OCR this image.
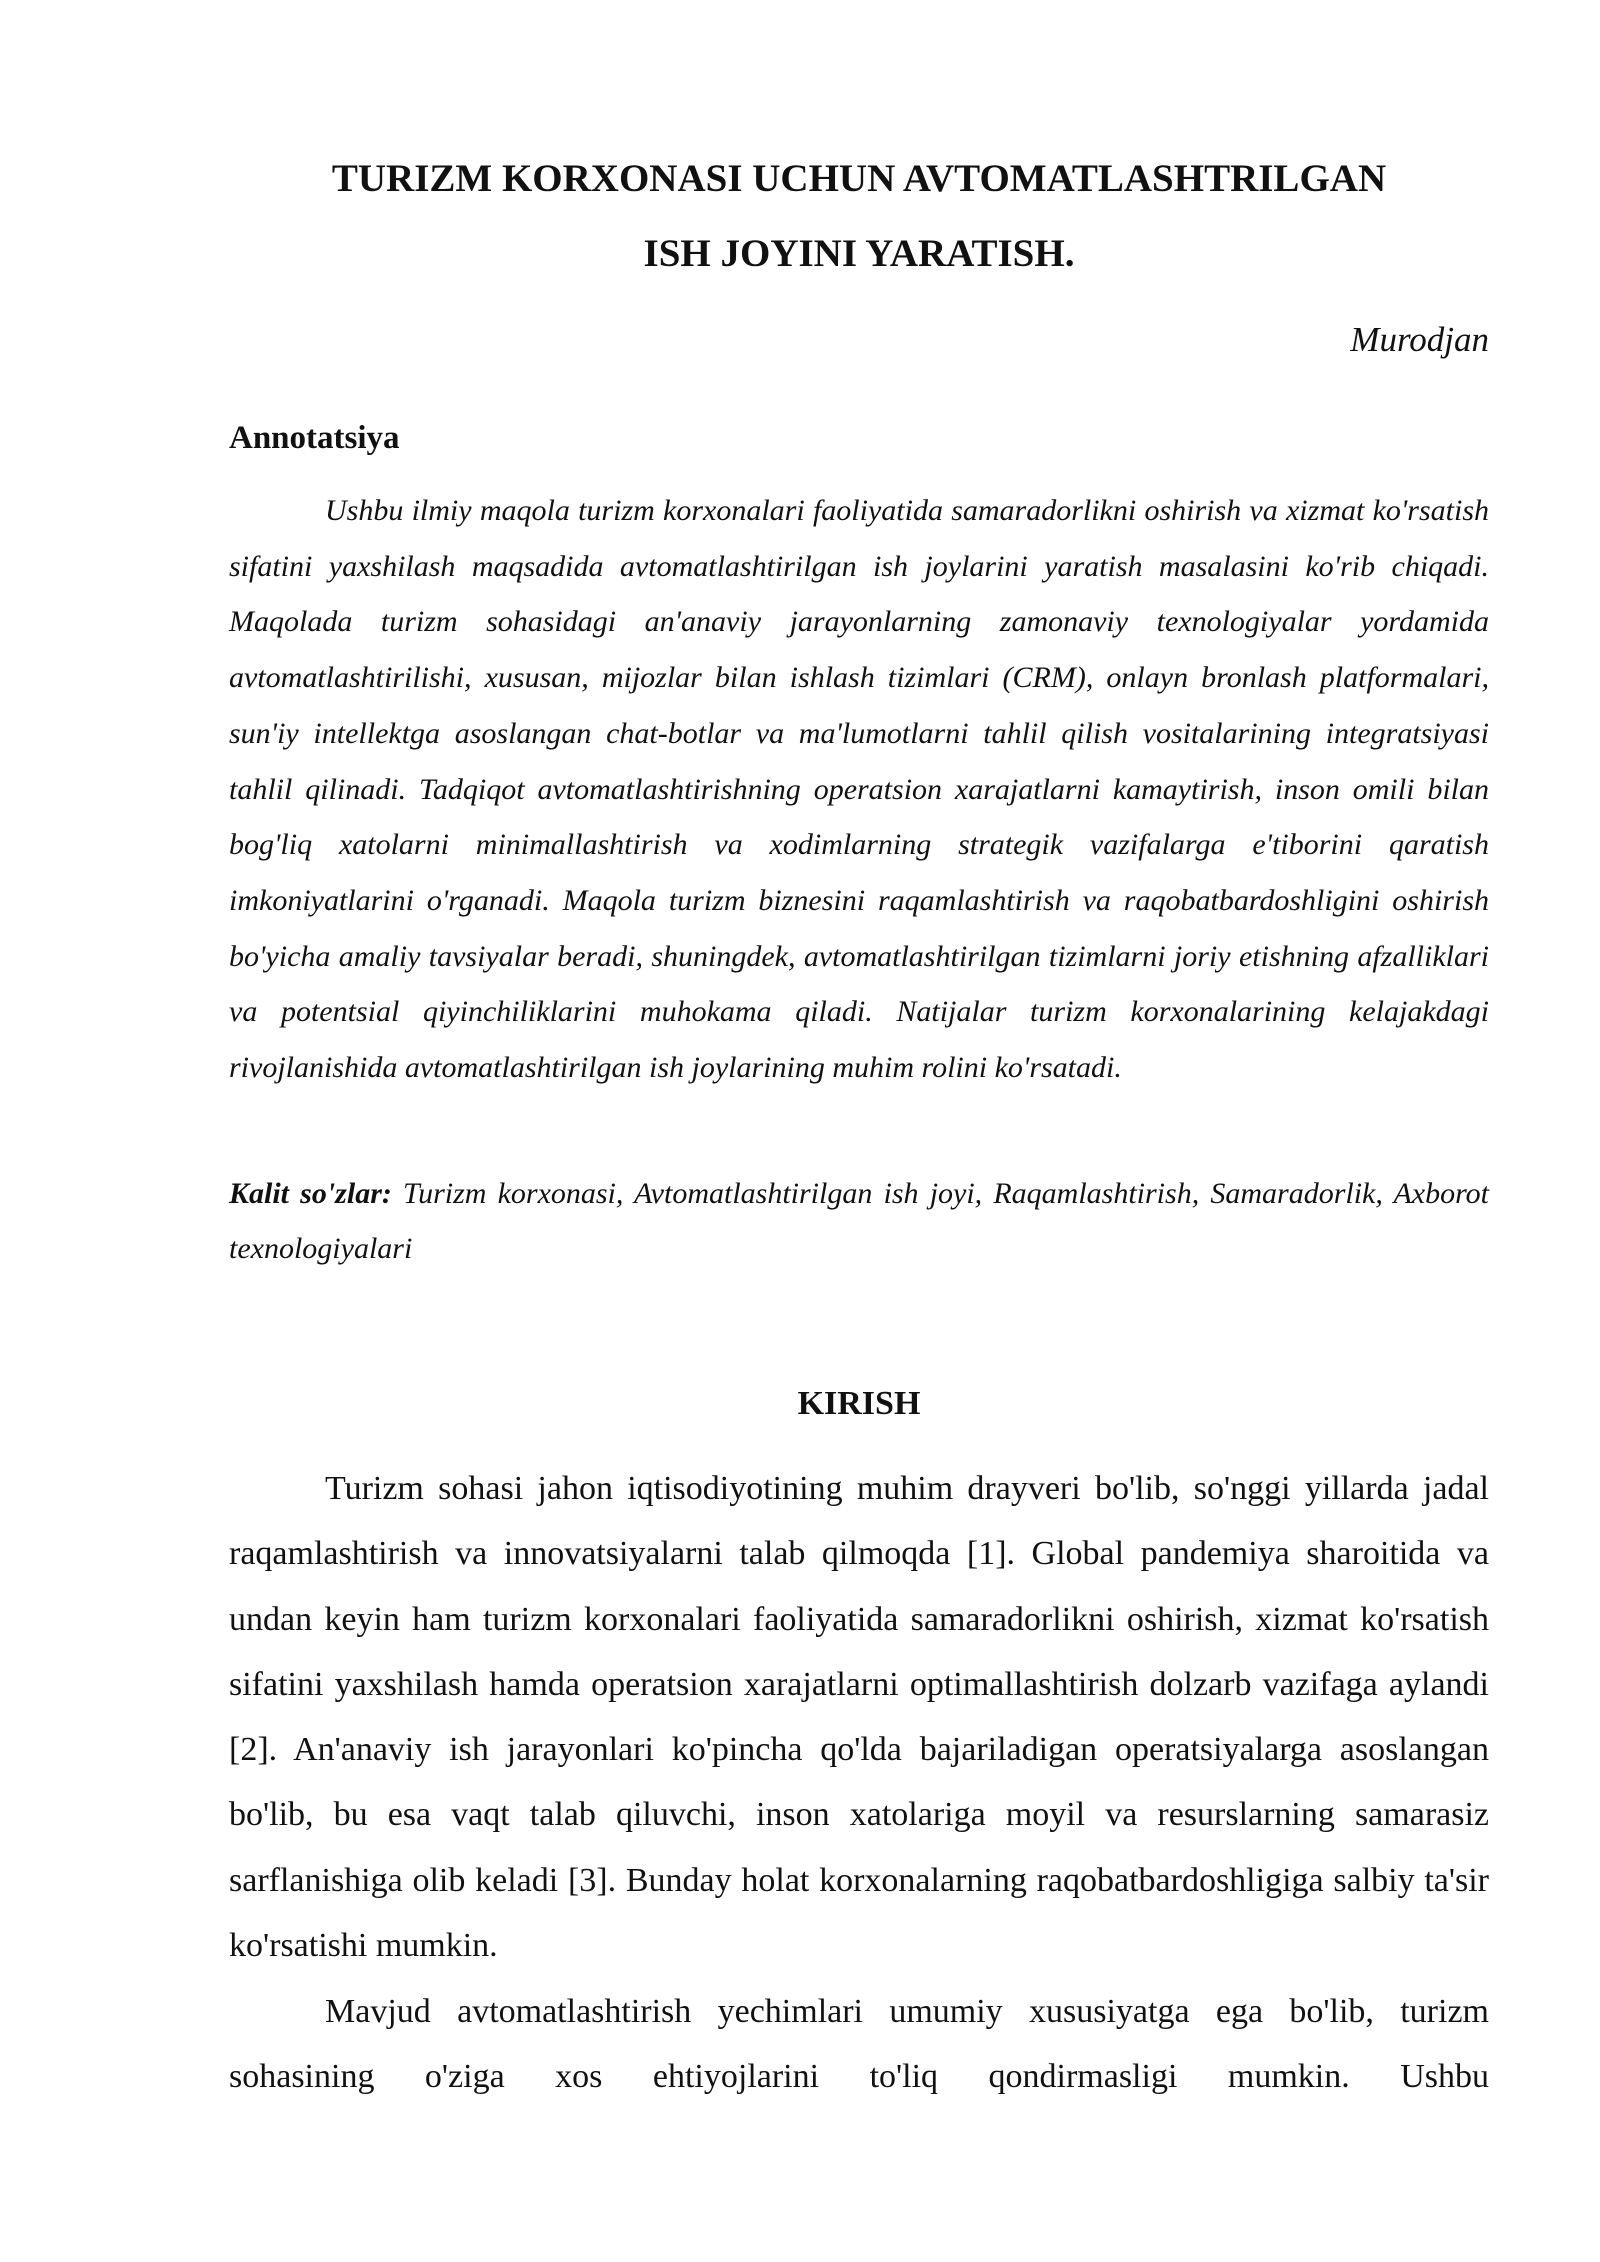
TURIZM KORXONASI UCHUN AVTOMATLASHTRILGAN
ISH JOYINI YARATISH.

Murodjan

Annotatsiya

Ushbu ilmiy maqola turizm korxonalari faoliyatida samaradorlikni oshirish va xizmat ko'rsatish sifatini yaxshilash maqsadida avtomatlashtirilgan ish joylarini yaratish masalasini ko'rib chiqadi. Maqolada turizm sohasidagi an'anaviy jarayonlarning zamonaviy texnologiyalar yordamida avtomatlashtirilishi, xususan, mijozlar bilan ishlash tizimlari (CRM), onlayn bronlash platformalari, sun'iy intellektga asoslangan chat-botlar va ma'lumotlarni tahlil qilish vositalarining integratsiyasi tahlil qilinadi. Tadqiqot avtomatlashtirishning operatsion xarajatlarni kamaytirish, inson omili bilan bog'liq xatolarni minimallashtirish va xodimlarning strategik vazifalarga e'tiborini qaratish imkoniyatlarini o'rganadi. Maqola turizm biznesini raqamlashtirish va raqobatbardoshligini oshirish bo'yicha amaliy tavsiyalar beradi, shuningdek, avtomatlashtirilgan tizimlarni joriy etishning afzalliklari va potentsial qiyinchiliklarini muhokama qiladi. Natijalar turizm korxonalarining kelajakdagi rivojlanishida avtomatlashtirilgan ish joylarining muhim rolini ko'rsatadi.

Kalit so'zlar: Turizm korxonasi, Avtomatlashtirilgan ish joyi, Raqamlashtirish, Samaradorlik, Axborot texnologiyalari

KIRISH

Turizm sohasi jahon iqtisodiyotining muhim drayveri bo'lib, so'nggi yillarda jadal raqamlashtirish va innovatsiyalarni talab qilmoqda [1]. Global pandemiya sharoitida va undan keyin ham turizm korxonalari faoliyatida samaradorlikni oshirish, xizmat ko'rsatish sifatini yaxshilash hamda operatsion xarajatlarni optimallashtirish dolzarb vazifaga aylandi [2]. An'anaviy ish jarayonlari ko'pincha qo'lda bajariladigan operatsiyalarga asoslangan bo'lib, bu esa vaqt talab qiluvchi, inson xatolariga moyil va resurslarning samarasiz sarflanishiga olib keladi [3]. Bunday holat korxonalarning raqobatbardoshligiga salbiy ta'sir ko'rsatishi mumkin.

Mavjud avtomatlashtirish yechimlari umumiy xususiyatga ega bo'lib, turizm sohasining o'ziga xos ehtiyojlarini to'liq qondirmasligi mumkin. Ushbu
